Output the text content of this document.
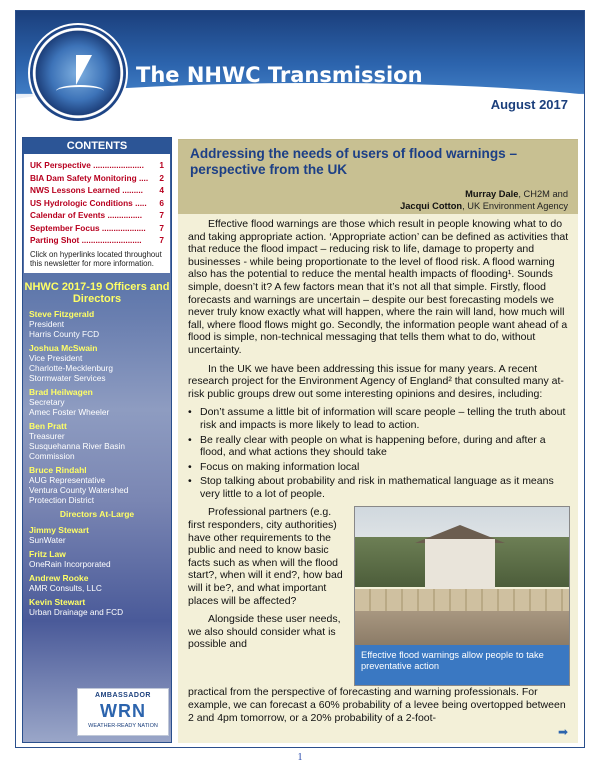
The NHWC Transmission
August 2017
CONTENTS
UK Perspective ......................	1
BIA Dam Safety Monitoring ....	2
NWS Lessons Learned .........	4
US Hydrologic Conditions .....	6
Calendar of Events ...............	7
September Focus ...................	7
Parting Shot ..........................	7
Click on hyperlinks located throughout this newsletter for more information.
NHWC 2017-19 Officers and Directors
Steve Fitzgerald
President
Harris County FCD
Joshua McSwain
Vice President
Charlotte-Mecklenburg
Stormwater Services
Brad Heilwagen
Secretary
Amec Foster Wheeler
Ben Pratt
Treasurer
Susquehanna River Basin
Commission
Bruce Rindahl
AUG Representative
Ventura County Watershed
Protection District
Directors At-Large
Jimmy Stewart
SunWater
Fritz Law
OneRain Incorporated
Andrew Rooke
AMR Consults, LLC
Kevin Stewart
Urban Drainage and FCD
AMBASSADOR
WRN
WEATHER-READY NATION
Addressing the needs of users of flood warnings – perspective from the UK
Murray Dale, CH2M and
Jacqui Cotton, UK Environment Agency

Effective flood warnings are those which result in people knowing what to do and taking appropriate action. ‘Appropriate action’ can be defined as activities that that reduce the flood impact – reducing risk to life, damage to property and businesses - while being proportionate to the level of flood risk. A flood warning also has the potential to reduce the mental health impacts of flooding¹. Sounds simple, doesn’t it? A few factors mean that it’s not all that simple. Firstly, flood forecasts and warnings are uncertain – despite our best forecasting models we never truly know exactly what will happen, where the rain will land, how much will fall, where flood flows might go. Secondly, the information people want ahead of a flood is simple, non-technical messaging that tells them what to do, without uncertainty.

In the UK we have been addressing this issue for many years. A recent research project for the Environment Agency of England² that consulted many at-risk public groups drew out some interesting opinions and desires, including:

• Don’t assume a little bit of information will scare people – telling the truth about risk and impacts is more likely to lead to action.
• Be really clear with people on what is happening before, during and after a flood, and what actions they should take
• Focus on making information local
• Stop talking about probability and risk in mathematical language as it means very little to a lot of people.
Effective flood warnings allow people to take preventative action

Professional partners (e.g. first responders, city authorities) have other requirements to the public and need to know basic facts such as when will the flood start?, when will it end?, how bad will it be?, and what important places will be affected?

Alongside these user needs, we also should consider what is possible and

practical from the perspective of forecasting and warning professionals. For example, we can forecast a 60% probability of a levee being overtopped between 2 and 4pm tomorrow, or a 20% probability of a 2-foot-

➡
1
